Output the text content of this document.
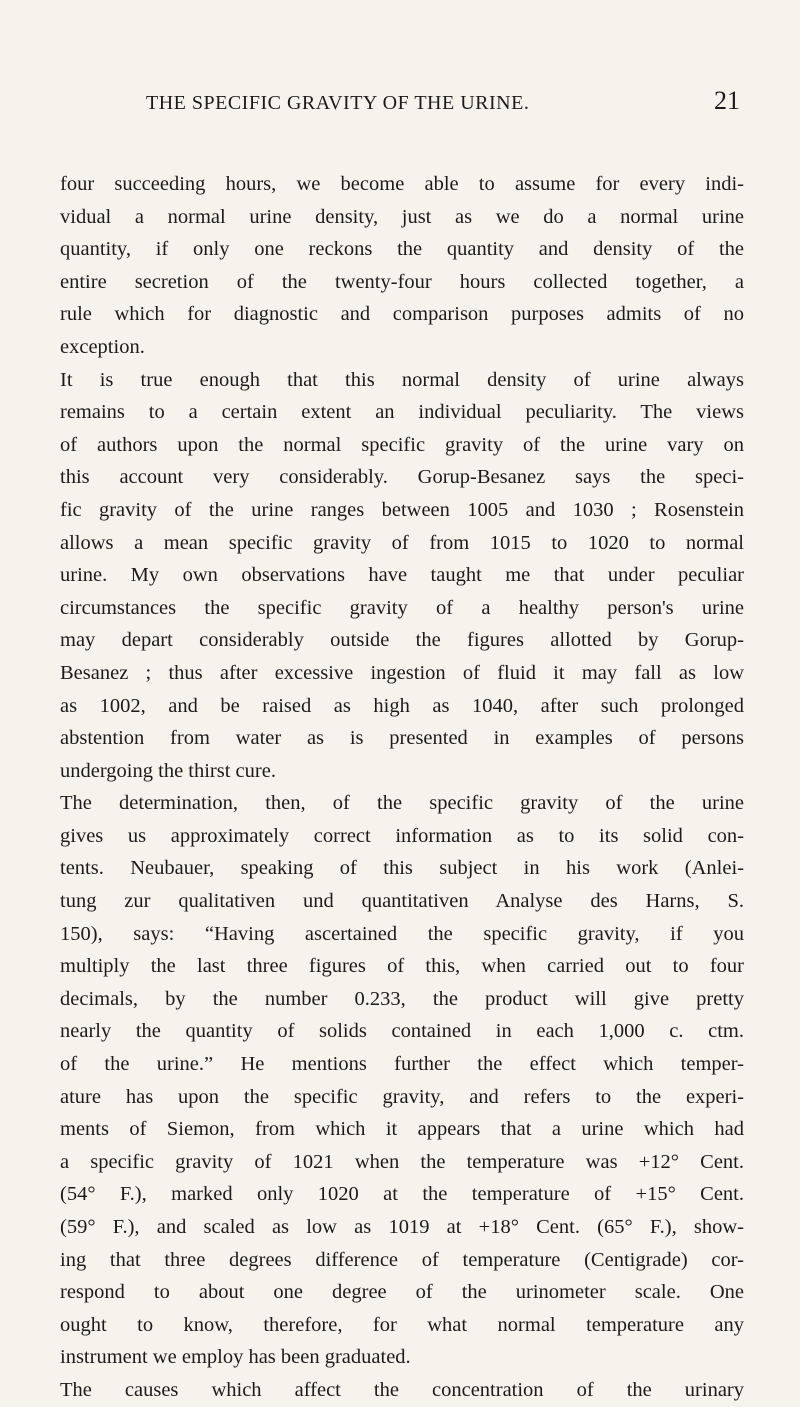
THE SPECIFIC GRAVITY OF THE URINE.	21
four succeeding hours, we become able to assume for every indi-
vidual a normal urine density, just as we do a normal urine
quantity, if only one reckons the quantity and density of the
entire secretion of the twenty-four hours collected together, a
rule which for diagnostic and comparison purposes admits of no
exception.
It is true enough that this normal density of urine always
remains to a certain extent an individual peculiarity. The views
of authors upon the normal specific gravity of the urine vary on
this account very considerably. Gorup-Besanez says the speci-
fic gravity of the urine ranges between 1005 and 1030 ; Rosenstein
allows a mean specific gravity of from 1015 to 1020 to normal
urine. My own observations have taught me that under peculiar
circumstances the specific gravity of a healthy person's urine
may depart considerably outside the figures allotted by Gorup-
Besanez ; thus after excessive ingestion of fluid it may fall as low
as 1002, and be raised as high as 1040, after such prolonged
abstention from water as is presented in examples of persons
undergoing the thirst cure.
The determination, then, of the specific gravity of the urine
gives us approximately correct information as to its solid con-
tents. Neubauer, speaking of this subject in his work (Anlei-
tung zur qualitativen und quantitativen Analyse des Harns, S.
150), says: “Having ascertained the specific gravity, if you
multiply the last three figures of this, when carried out to four
decimals, by the number 0.233, the product will give pretty
nearly the quantity of solids contained in each 1,000 c. ctm.
of the urine.” He mentions further the effect which temper-
ature has upon the specific gravity, and refers to the experi-
ments of Siemon, from which it appears that a urine which had
a specific gravity of 1021 when the temperature was +12° Cent.
(54° F.), marked only 1020 at the temperature of +15° Cent.
(59° F.), and scaled as low as 1019 at +18° Cent. (65° F.), show-
ing that three degrees difference of temperature (Centigrade) cor-
respond to about one degree of the urinometer scale. One
ought to know, therefore, for what normal temperature any
instrument we employ has been graduated.
The causes which affect the concentration of the urinary
